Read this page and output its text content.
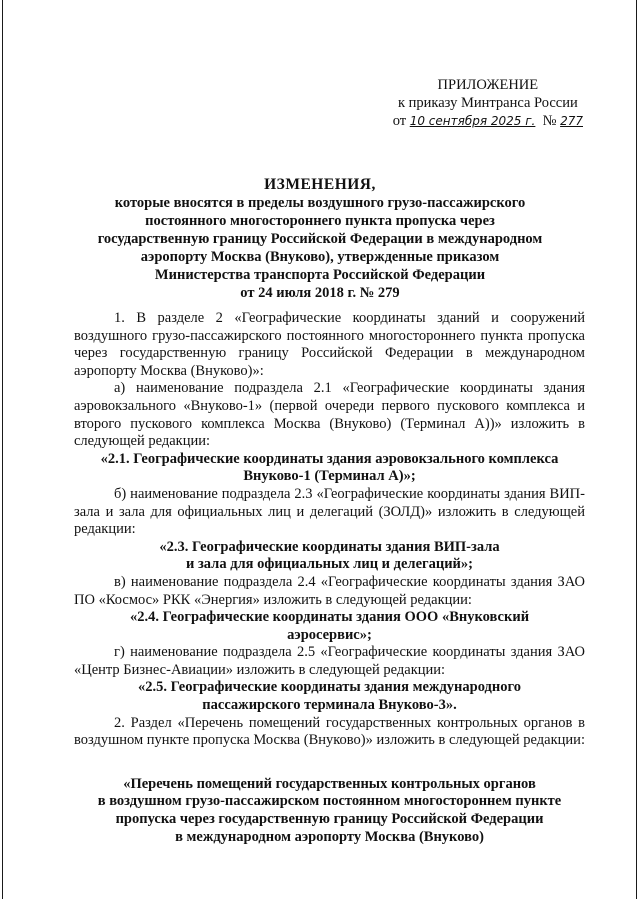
ПРИЛОЖЕНИЕ
к приказу Минтранса России
от 10 сентября 2025 г. № 277
ИЗМЕНЕНИЯ,
которые вносятся в пределы воздушного грузо-пассажирского
постоянного многостороннего пункта пропуска через
государственную границу Российской Федерации в международном
аэропорту Москва (Внуково), утвержденные приказом
Министерства транспорта Российской Федерации
от 24 июля 2018 г. № 279

1. В разделе 2 «Географические координаты зданий и сооружений воздушного грузо-пассажирского постоянного многостороннего пункта пропуска через государственную границу Российской Федерации в международном аэропорту Москва (Внуково)»:

а) наименование подраздела 2.1 «Географические координаты здания аэровокзального «Внуково-1» (первой очереди первого пускового комплекса и второго пускового комплекса Москва (Внуково) (Терминал А))» изложить в следующей редакции:

«2.1. Географические координаты здания аэровокзального комплекса
Внуково-1 (Терминал А)»;

б) наименование подраздела 2.3 «Географические координаты здания ВИП-зала и зала для официальных лиц и делегаций (ЗОЛД)» изложить в следующей редакции:

«2.3. Географические координаты здания ВИП-зала
и зала для официальных лиц и делегаций»;

в) наименование подраздела 2.4 «Географические координаты здания ЗАО ПО «Космос» РКК «Энергия» изложить в следующей редакции:

«2.4. Географические координаты здания ООО «Внуковский
аэросервис»;

г) наименование подраздела 2.5 «Географические координаты здания ЗАО «Центр Бизнес-Авиации» изложить в следующей редакции:

«2.5. Географические координаты здания международного
пассажирского терминала Внуково-3».

2. Раздел «Перечень помещений государственных контрольных органов в воздушном пункте пропуска Москва (Внуково)» изложить в следующей редакции:

«Перечень помещений государственных контрольных органов
в воздушном грузо-пассажирском постоянном многостороннем пункте
пропуска через государственную границу Российской Федерации
в международном аэропорту Москва (Внуково)
